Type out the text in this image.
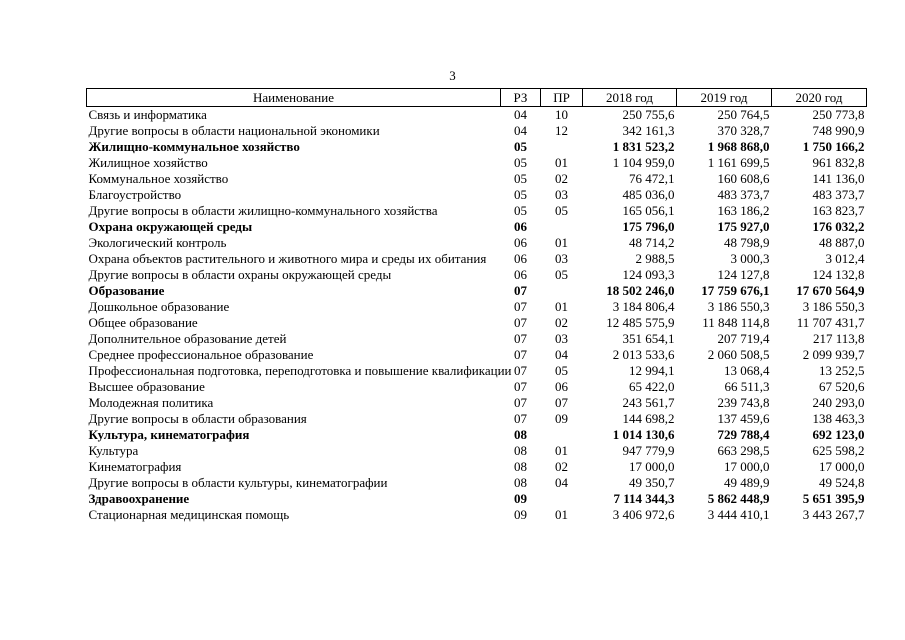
3
Наименование	РЗ	ПР	2018 год	2019 год	2020 год
Связь и информатика	04	10	250 755,6	250 764,5	250 773,8
Другие вопросы в области национальной экономики	04	12	342 161,3	370 328,7	748 990,9
Жилищно-коммунальное хозяйство	05		1 831 523,2	1 968 868,0	1 750 166,2
Жилищное хозяйство	05	01	1 104 959,0	1 161 699,5	961 832,8
Коммунальное хозяйство	05	02	76 472,1	160 608,6	141 136,0
Благоустройство	05	03	485 036,0	483 373,7	483 373,7
Другие вопросы в области жилищно-коммунального хозяйства	05	05	165 056,1	163 186,2	163 823,7
Охрана окружающей среды	06		175 796,0	175 927,0	176 032,2
Экологический контроль	06	01	48 714,2	48 798,9	48 887,0
Охрана объектов растительного и животного мира и среды их обитания	06	03	2 988,5	3 000,3	3 012,4
Другие вопросы в области охраны окружающей среды	06	05	124 093,3	124 127,8	124 132,8
Образование	07		18 502 246,0	17 759 676,1	17 670 564,9
Дошкольное образование	07	01	3 184 806,4	3 186 550,3	3 186 550,3
Общее образование	07	02	12 485 575,9	11 848 114,8	11 707 431,7
Дополнительное образование детей	07	03	351 654,1	207 719,4	217 113,8
Среднее профессиональное образование	07	04	2 013 533,6	2 060 508,5	2 099 939,7
Профессиональная подготовка, переподготовка и повышение квалификации	07	05	12 994,1	13 068,4	13 252,5
Высшее образование	07	06	65 422,0	66 511,3	67 520,6
Молодежная политика	07	07	243 561,7	239 743,8	240 293,0
Другие вопросы в области образования	07	09	144 698,2	137 459,6	138 463,3
Культура, кинематография	08		1 014 130,6	729 788,4	692 123,0
Культура	08	01	947 779,9	663 298,5	625 598,2
Кинематография	08	02	17 000,0	17 000,0	17 000,0
Другие вопросы в области культуры, кинематографии	08	04	49 350,7	49 489,9	49 524,8
Здравоохранение	09		7 114 344,3	5 862 448,9	5 651 395,9
Стационарная медицинская помощь	09	01	3 406 972,6	3 444 410,1	3 443 267,7
